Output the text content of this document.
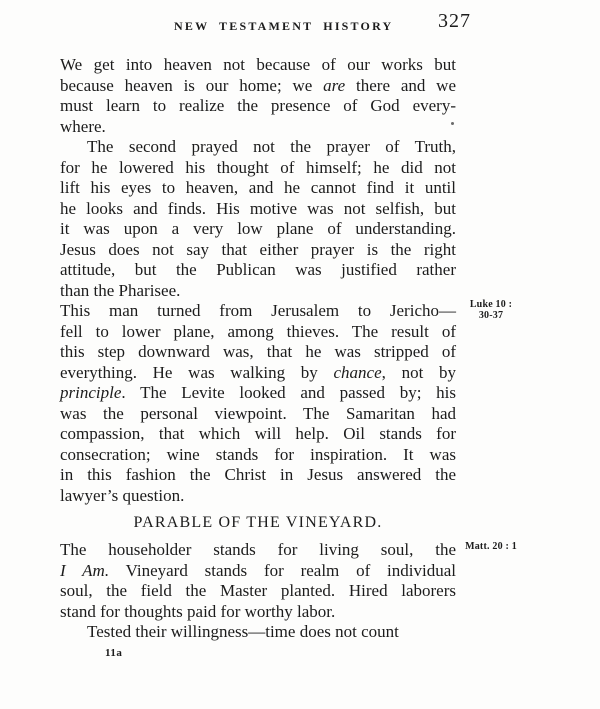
NEW TESTAMENT HISTORY 327
We get into heaven not because of our works but
because heaven is our home; we are there and we
must learn to realize the presence of God every-
where.
The second prayed not the prayer of Truth,
for he lowered his thought of himself; he did not
lift his eyes to heaven, and he cannot find it until
he looks and finds. His motive was not selfish, but
it was upon a very low plane of understanding.
Jesus does not say that either prayer is the right
attitude, but the Publican was justified rather
than the Pharisee.
Luke 10 :
30-37
This man turned from Jerusalem to Jericho—
fell to lower plane, among thieves. The result of
this step downward was, that he was stripped of
everything. He was walking by chance, not by
principle. The Levite looked and passed by; his
was the personal viewpoint. The Samaritan had
compassion, that which will help. Oil stands for
consecration; wine stands for inspiration. It was
in this fashion the Christ in Jesus answered the
lawyer’s question.
PARABLE OF THE VINEYARD.
Matt. 20 : 1
The householder stands for living soul, the
I Am. Vineyard stands for realm of individual
soul, the field the Master planted. Hired laborers
stand for thoughts paid for worthy labor.
Tested their willingness—time does not count
11a
